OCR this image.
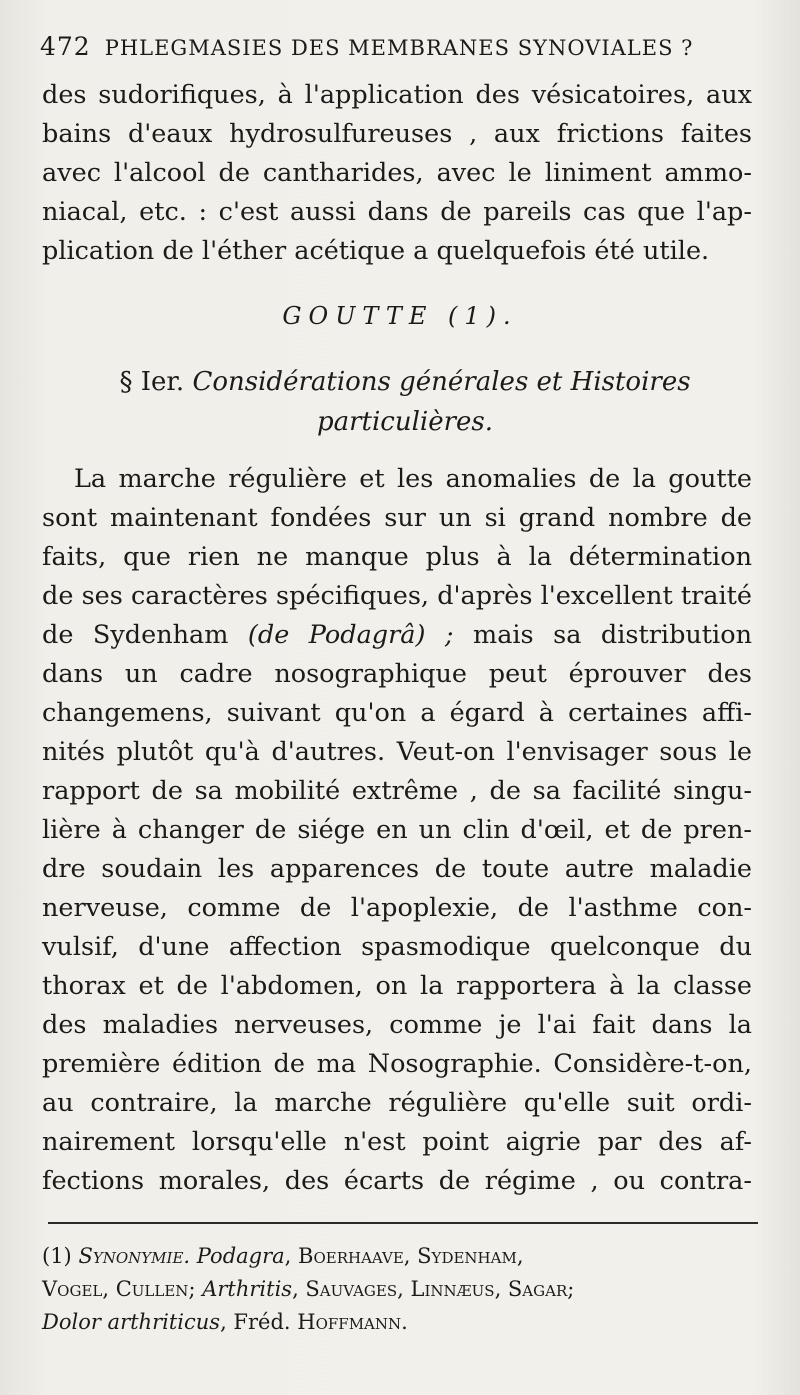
472 PHLEGMASIES DES MEMBRANES SYNOVIALES ?
des sudorifiques, à l'application des vésicatoires, aux
bains d'eaux hydrosulfureuses , aux frictions faites
avec l'alcool de cantharides, avec le liniment ammo-
niacal, etc. : c'est aussi dans de pareils cas que l'ap-
plication de l'éther acétique a quelquefois été utile.
GOUTTE (1).
§ Ier. Considérations générales et Histoires
particulières.
La marche régulière et les anomalies de la goutte
sont maintenant fondées sur un si grand nombre de
faits, que rien ne manque plus à la détermination
de ses caractères spécifiques, d'après l'excellent traité
de Sydenham (de Podagrâ) ; mais sa distribution
dans un cadre nosographique peut éprouver des
changemens, suivant qu'on a égard à certaines affi-
nités plutôt qu'à d'autres. Veut-on l'envisager sous le
rapport de sa mobilité extrême , de sa facilité singu-
lière à changer de siége en un clin d'œil, et de pren-
dre soudain les apparences de toute autre maladie
nerveuse, comme de l'apoplexie, de l'asthme con-
vulsif, d'une affection spasmodique quelconque du
thorax et de l'abdomen, on la rapportera à la classe
des maladies nerveuses, comme je l'ai fait dans la
première édition de ma Nosographie. Considère-t-on,
au contraire, la marche régulière qu'elle suit ordi-
nairement lorsqu'elle n'est point aigrie par des af-
fections morales, des écarts de régime , ou contra-
(1) Synonymie. Podagra, Boerhaave, Sydenham,
Vogel, Cullen; Arthritis, Sauvages, Linnæus, Sagar;
Dolor arthriticus, Fréd. Hoffmann.
